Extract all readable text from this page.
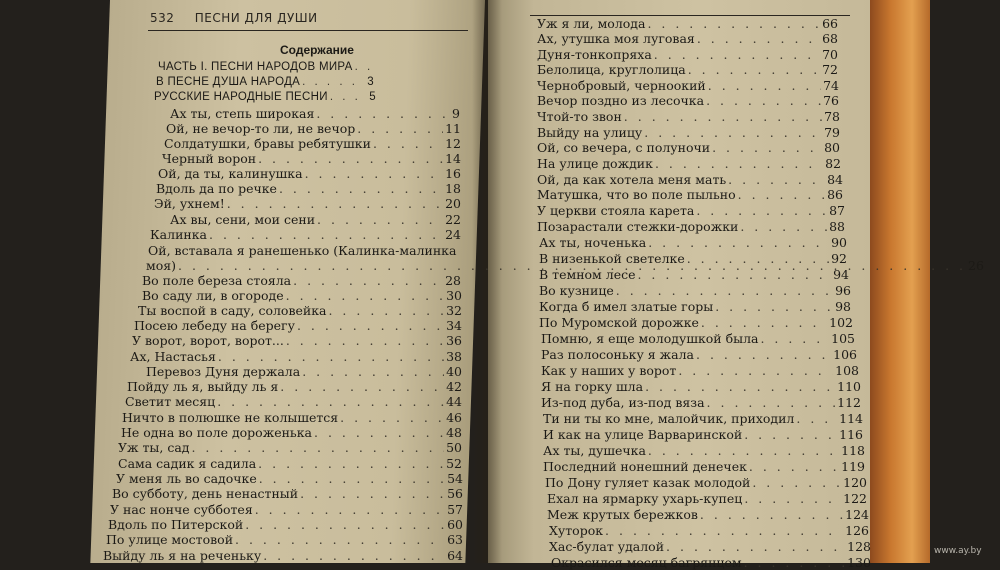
532 ПЕСНИ ДЛЯ ДУШИ
Содержание
ЧАСТЬ I. ПЕСНИ НАРОДОВ МИРА
. . .
В ПЕСНЕ ДУША НАРОДА . . .	3
РУССКИЕ НАРОДНЫЕ ПЕСНИ . . .	5
Ах ты, степь широкая . . .	9
Ой, не вечор-то ли, не вечор . . .	11
Солдатушки, бравы ребятушки . . .	12
Черный ворон . . .	14
Ой, да ты, калинушка . . .	16
Вдоль да по речке . . .	18
Эй, ухнем! . . .	20
Ах вы, сени, мои сени . . .	22
Калинка . . .	24
Ой, вставала я ранешенько (Калинка-малинка
моя) . . .	26
Во поле береза стояла . . .	28
Во саду ли, в огороде . . .	30
Ты воспой в саду, соловейка . . .	32
Посею лебеду на берегу . . .	34
У ворот, ворот, ворот... . . .	36
Ах, Настасья . . .	38
Перевоз Дуня держала . . .	40
Пойду ль я, выйду ль я . . .	42
Светит месяц . . .	44
Ничто в полюшке не колышется . . .	46
Не одна во поле дороженька . . .	48
Уж ты, сад . . .	50
Сама садик я садила . . .	52
У меня ль во садочке . . .	54
Во субботу, день ненастный . . .	56
У нас нонче субботея . . .	57
Вдоль по Питерской . . .	60
По улице мостовой . . .	63
Выйду ль я на реченьку . . .	64
Уж я ли, молода . . .	66
Ах, утушка моя луговая . . .	68
Дуня-тонкопряха . . .	70
Белолица, круглолица . . .	72
Чернобровый, черноокий . . .	74
Вечор поздно из лесочка . . .	76
Чтой-то звон . . .	78
Выйду на улицу . . .	79
Ой, со вечера, с полуночи . . .	80
На улице дождик . . .	82
Ой, да как хотела меня мать . . .	84
Матушка, что во поле пыльно . . .	86
У церкви стояла карета . . .	87
Позарастали стежки-дорожки . . .	88
Ах ты, ноченька . . .	90
В низенькой светелке . . .	92
В темном лесе . . .	94
Во кузнице . . .	96
Когда б имел златые горы . . .	98
По Муромской дорожке . . .	102
Помню, я еще молодушкой была . . .	105
Раз полосоньку я жала . . .	106
Как у наших у ворот . . .	108
Я на горку шла . . .	110
Из-под дуба, из-под вяза . . .	112
Ти ни ты ко мне, малойчик, приходил . . .	114
И как на улице Варваринской . . .	116
Ах ты, душечка . . .	118
Последний нонешний денечек . . .	119
По Дону гуляет казак молодой . . .	120
Ехал на ярмарку ухарь-купец . . .	122
Меж крутых бережков . . .	124
Хуторок . . .	126
Хас-булат удалой . . .	128
Окрасился месяц багрянцем . . .	130
www.ay.by
